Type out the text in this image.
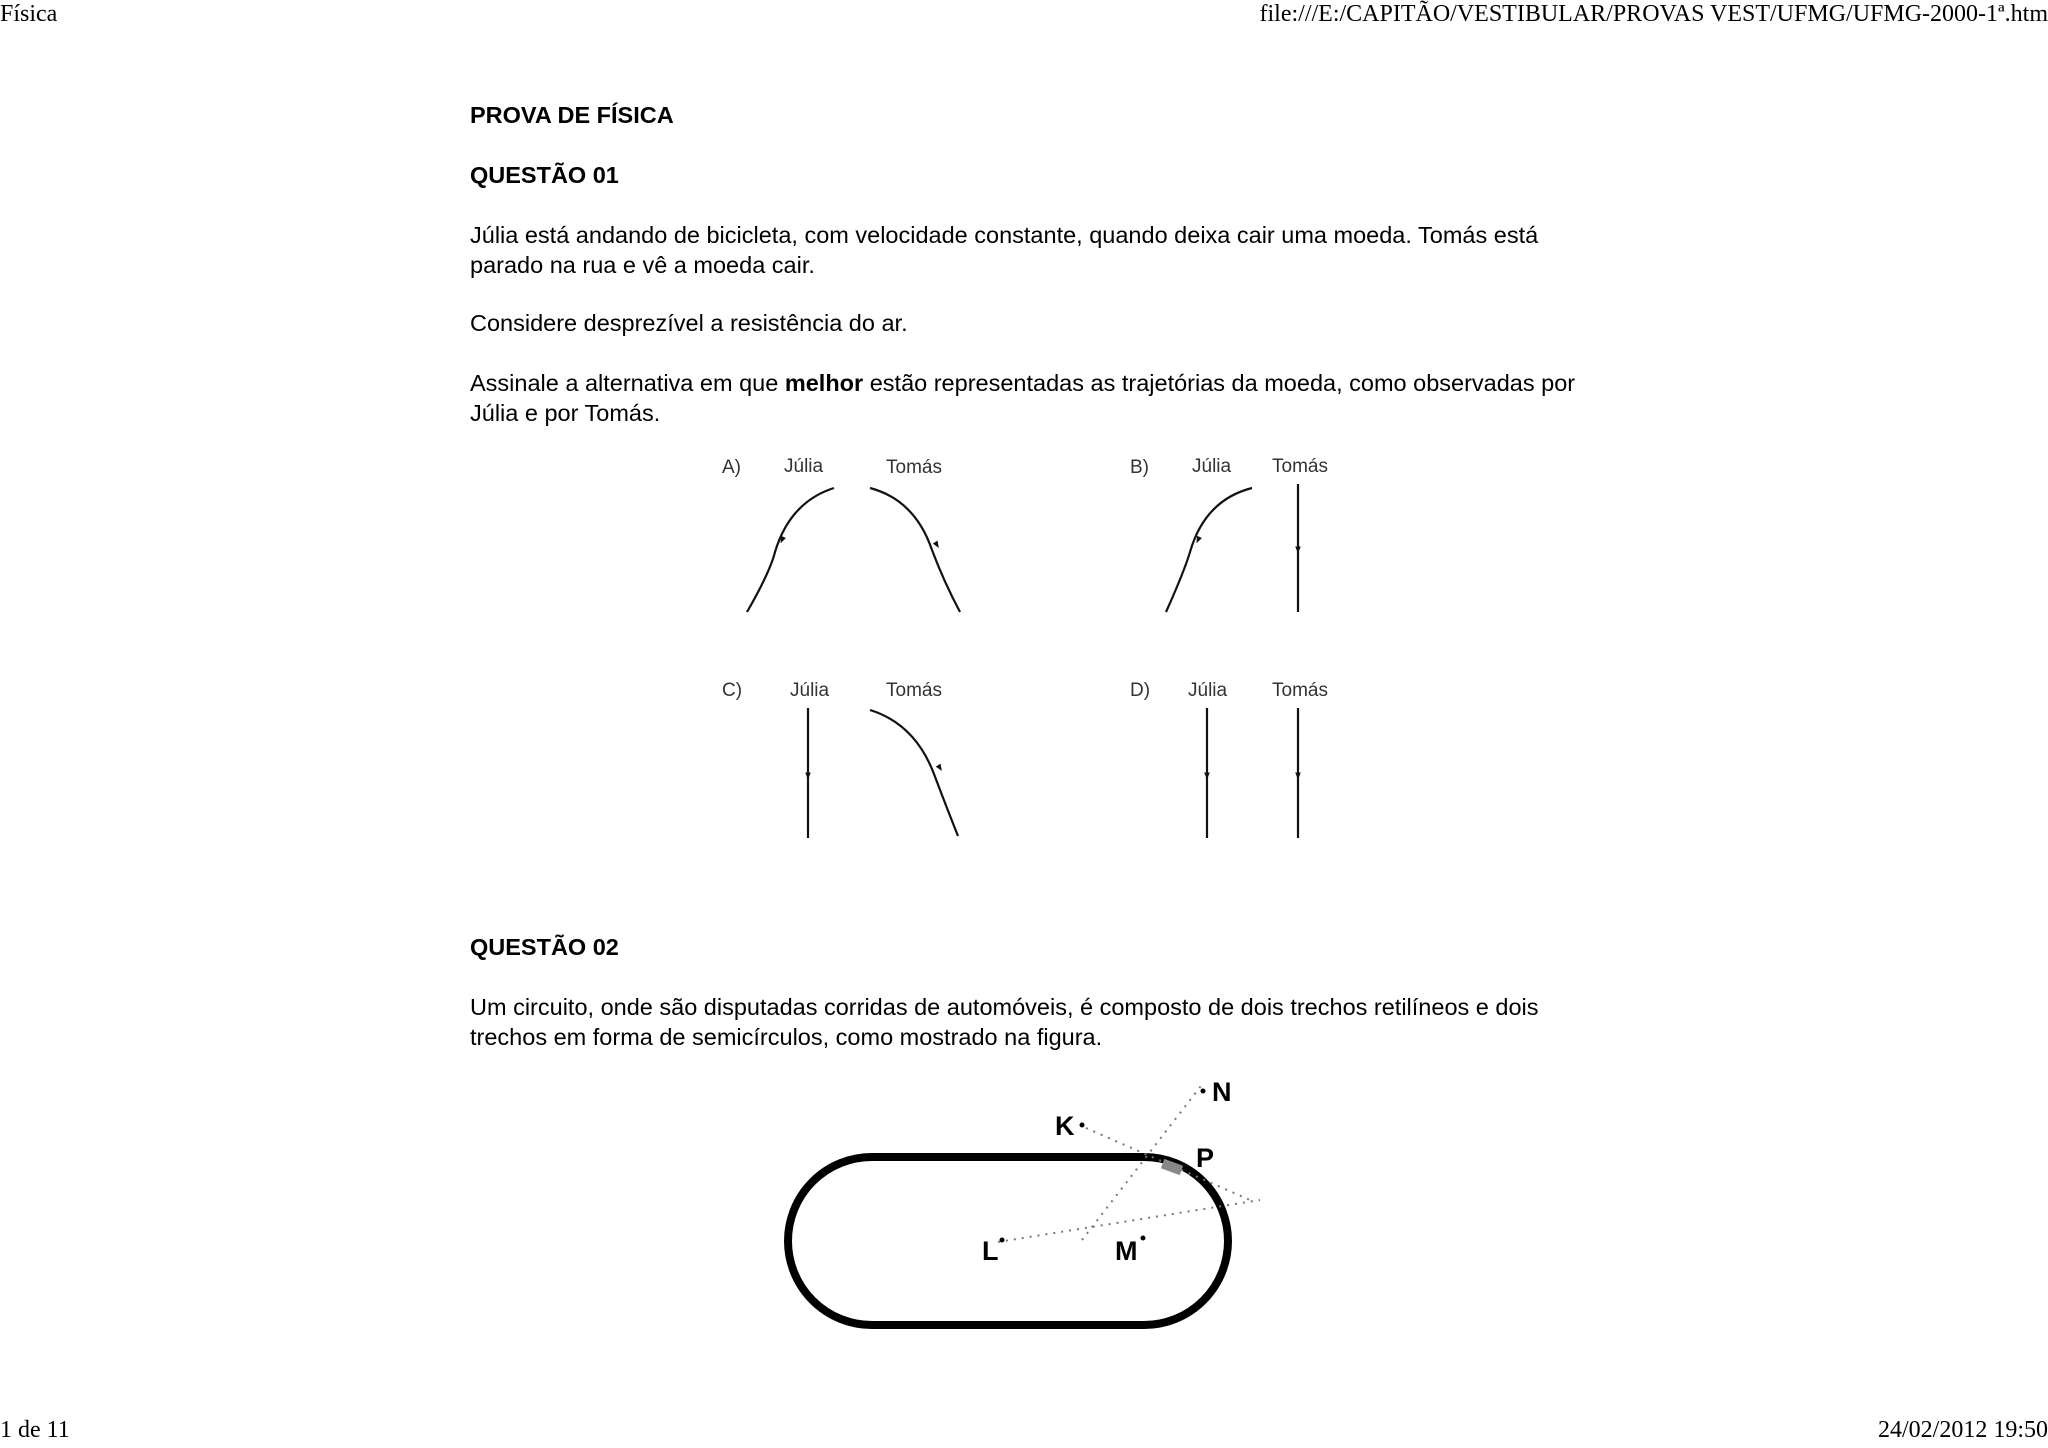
Física	file:///E:/CAPITÃO/VESTIBULAR/PROVAS VEST/UFMG/UFMG-2000-1ª.htm

PROVA DE FÍSICA

QUESTÃO 01

Júlia está andando de bicicleta, com velocidade constante, quando deixa cair uma moeda. Tomás está parado na rua e vê a moeda cair.

Considere desprezível a resistência do ar.

Assinale a alternativa em que melhor estão representadas as trajetórias da moeda, como observadas por Júlia e por Tomás.

QUESTÃO 02

Um circuito, onde são disputadas corridas de automóveis, é composto de dois trechos retilíneos e dois trechos em forma de semicírculos, como mostrado na figura.

A) Júlia	Tomás	B) Júlia Tomás
C)	Júlia	Tomás	D) Júlia Tomás
N
K
P
L	M
1 de 11	24/02/2012 19:50
